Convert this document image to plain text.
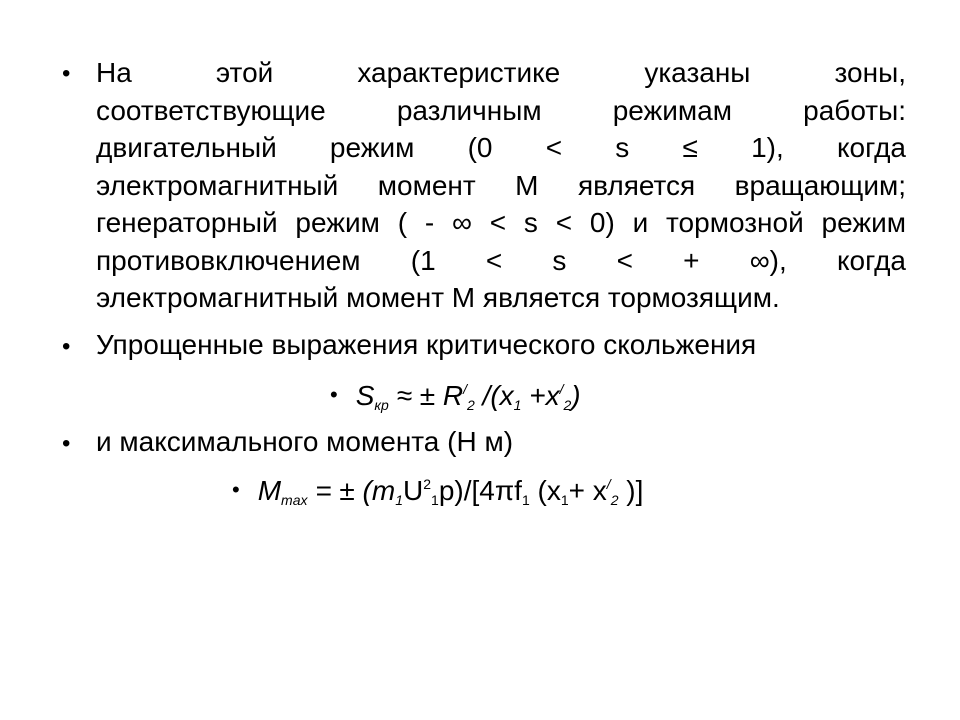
• На этой характеристике указаны зоны,
соответствующие различным режимам работы:
двигательный режим (0 < s ≤ 1), когда
электромагнитный момент М является вращающим;
генераторный режим ( - ∞ < s < 0) и тормозной режим
противовключением (1 < s < + ∞), когда
электромагнитный момент М является тормозящим.
• Упрощенные выражения критического скольжения
• $S_{кр}$ ≈ ± $R^/_2$ $/(x_1 +x^/_2)$
• и максимального момента (Н м)
• $M_{max}$ = ± $(m_1U^2_1p)/[4\pi f_1$ ($x_1+ x^/_2$ )]
